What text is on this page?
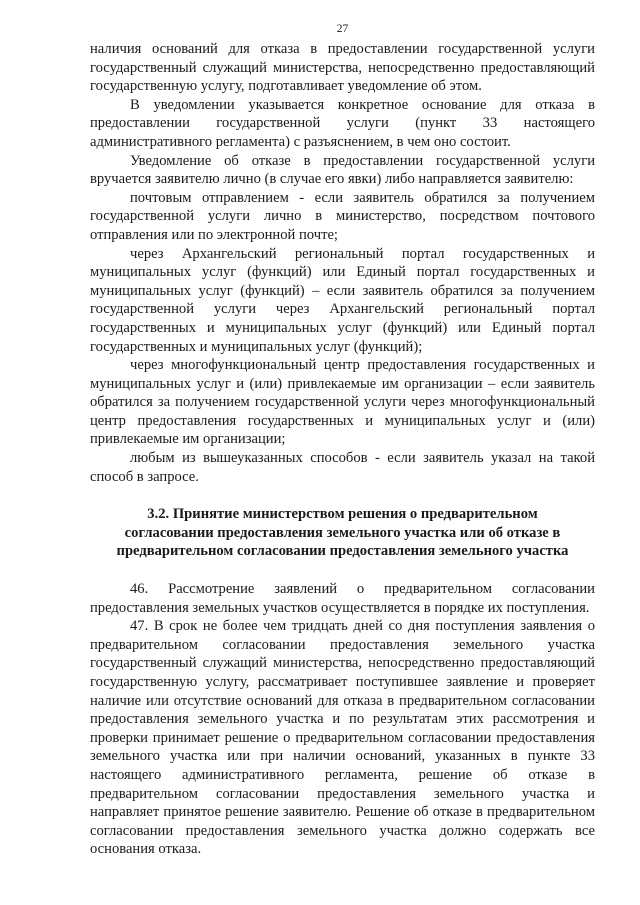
27

наличия оснований для отказа в предоставлении государственной услуги государственный служащий министерства, непосредственно предоставляющий государственную услугу, подготавливает уведомление об этом.

В уведомлении указывается конкретное основание для отказа в предоставлении государственной услуги (пункт 33 настоящего административного регламента) с разъяснением, в чем оно состоит.

Уведомление об отказе в предоставлении государственной услуги вручается заявителю лично (в случае его явки) либо направляется заявителю:

почтовым отправлением - если заявитель обратился за получением государственной услуги лично в министерство, посредством почтового отправления или по электронной почте;

через Архангельский региональный портал государственных и муниципальных услуг (функций) или Единый портал государственных и муниципальных услуг (функций) – если заявитель обратился за получением государственной услуги через Архангельский региональный портал государственных и муниципальных услуг (функций) или Единый портал государственных и муниципальных услуг (функций);

через многофункциональный центр предоставления государственных и муниципальных услуг и (или) привлекаемые им организации – если заявитель обратился за получением государственной услуги через многофункциональный центр предоставления государственных и муниципальных услуг и (или) привлекаемые им организации;

любым из вышеуказанных способов - если заявитель указал на такой способ в запросе.

3.2. Принятие министерством решения о предварительном

согласовании предоставления земельного участка или об отказе в

предварительном согласовании предоставления земельного участка

46. Рассмотрение заявлений о предварительном согласовании предоставления земельных участков осуществляется в порядке их поступления.

47. В срок не более чем тридцать дней со дня поступления заявления о предварительном согласовании предоставления земельного участка государственный служащий министерства, непосредственно предоставляющий государственную услугу, рассматривает поступившее заявление и проверяет наличие или отсутствие оснований для отказа в предварительном согласовании предоставления земельного участка и по результатам этих рассмотрения и проверки принимает решение о предварительном согласовании предоставления земельного участка или при наличии оснований, указанных в пункте 33 настоящего административного регламента, решение об отказе в предварительном согласовании предоставления земельного участка и направляет принятое решение заявителю. Решение об отказе в предварительном согласовании предоставления земельного участка должно содержать все основания отказа.
